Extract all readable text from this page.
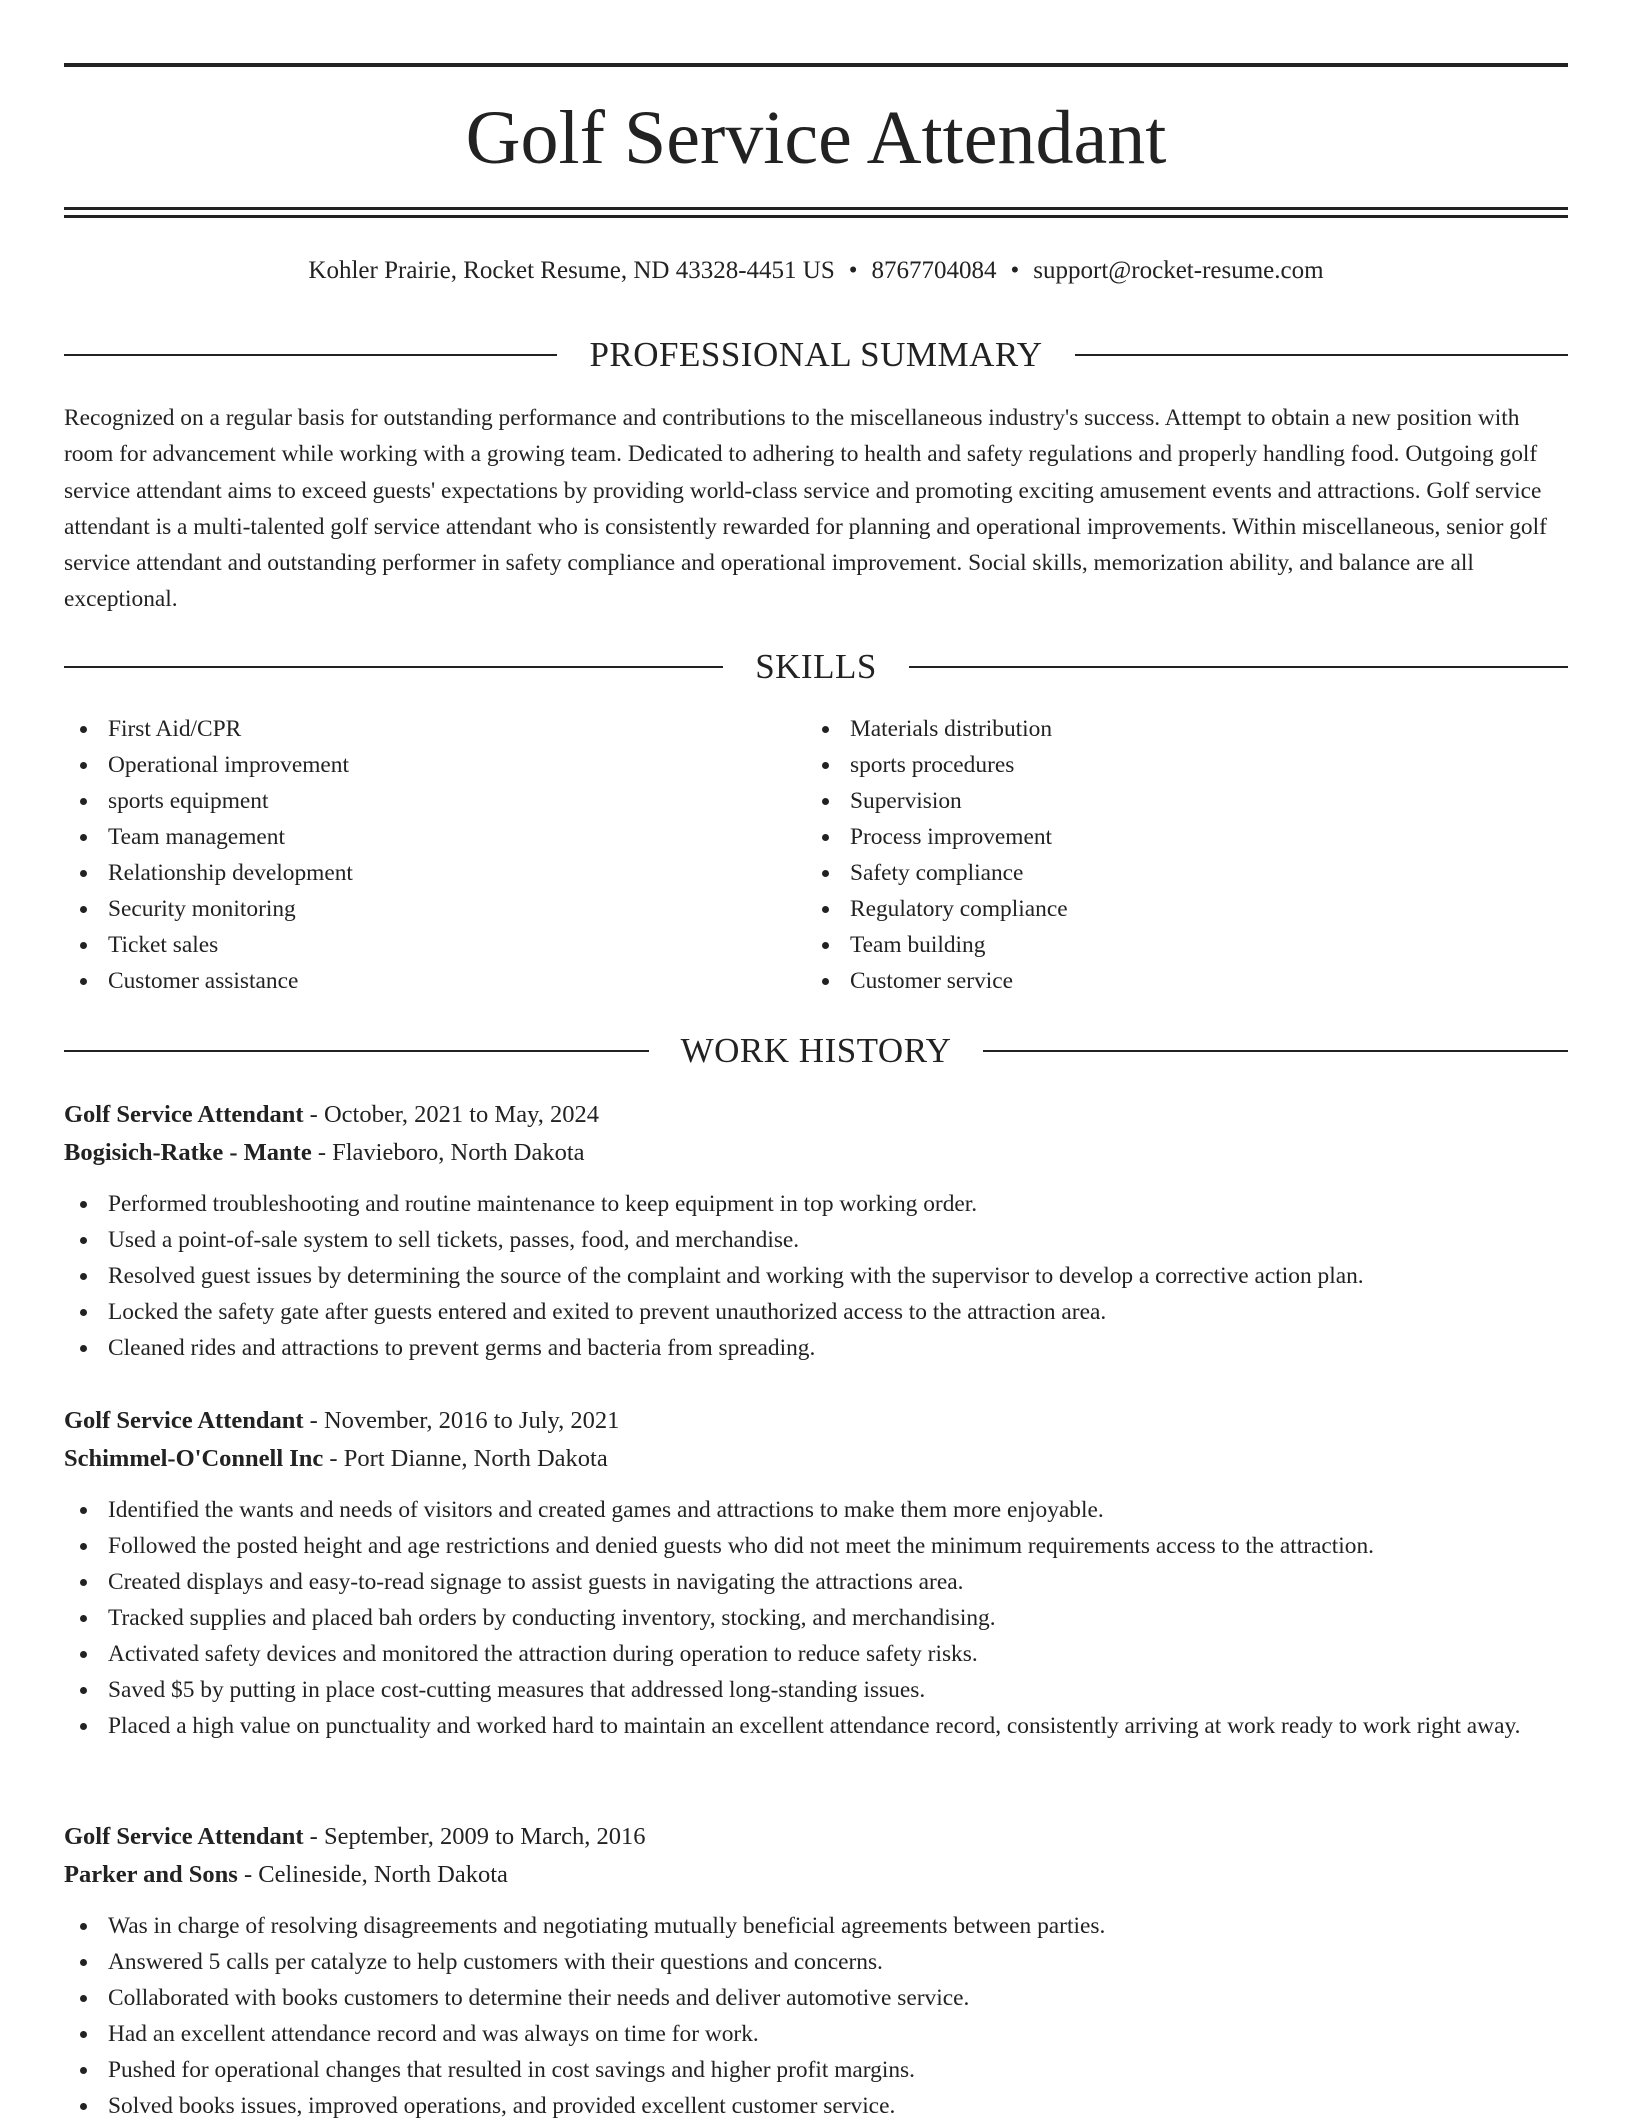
Golf Service Attendant
Kohler Prairie, Rocket Resume, ND 43328-4451 US • 8767704084 • support@rocket-resume.com
PROFESSIONAL SUMMARY

Recognized on a regular basis for outstanding performance and contributions to the miscellaneous industry's success. Attempt to obtain a new position with room for advancement while working with a growing team. Dedicated to adhering to health and safety regulations and properly handling food. Outgoing golf service attendant aims to exceed guests' expectations by providing world-class service and promoting exciting amusement events and attractions. Golf service attendant is a multi-talented golf service attendant who is consistently rewarded for planning and operational improvements. Within miscellaneous, senior golf service attendant and outstanding performer in safety compliance and operational improvement. Social skills, memorization ability, and balance are all exceptional.

SKILLS
First Aid/CPR
Operational improvement
sports equipment
Team management
Relationship development
Security monitoring
Ticket sales
Customer assistance
Materials distribution
sports procedures
Supervision
Process improvement
Safety compliance
Regulatory compliance
Team building
Customer service
WORK HISTORY
Golf Service Attendant - October, 2021 to May, 2024
Bogisich-Ratke - Mante - Flavieboro, North Dakota
Performed troubleshooting and routine maintenance to keep equipment in top working order.
Used a point-of-sale system to sell tickets, passes, food, and merchandise.
Resolved guest issues by determining the source of the complaint and working with the supervisor to develop a corrective action plan.
Locked the safety gate after guests entered and exited to prevent unauthorized access to the attraction area.
Cleaned rides and attractions to prevent germs and bacteria from spreading.
Golf Service Attendant - November, 2016 to July, 2021
Schimmel-O'Connell Inc - Port Dianne, North Dakota
Identified the wants and needs of visitors and created games and attractions to make them more enjoyable.
Followed the posted height and age restrictions and denied guests who did not meet the minimum requirements access to the attraction.
Created displays and easy-to-read signage to assist guests in navigating the attractions area.
Tracked supplies and placed bah orders by conducting inventory, stocking, and merchandising.
Activated safety devices and monitored the attraction during operation to reduce safety risks.
Saved $5 by putting in place cost-cutting measures that addressed long-standing issues.
Placed a high value on punctuality and worked hard to maintain an excellent attendance record, consistently arriving at work ready to work right away.
Golf Service Attendant - September, 2009 to March, 2016
Parker and Sons - Celineside, North Dakota
Was in charge of resolving disagreements and negotiating mutually beneficial agreements between parties.
Answered 5 calls per catalyze to help customers with their questions and concerns.
Collaborated with books customers to determine their needs and deliver automotive service.
Had an excellent attendance record and was always on time for work.
Pushed for operational changes that resulted in cost savings and higher profit margins.
Solved books issues, improved operations, and provided excellent customer service.
